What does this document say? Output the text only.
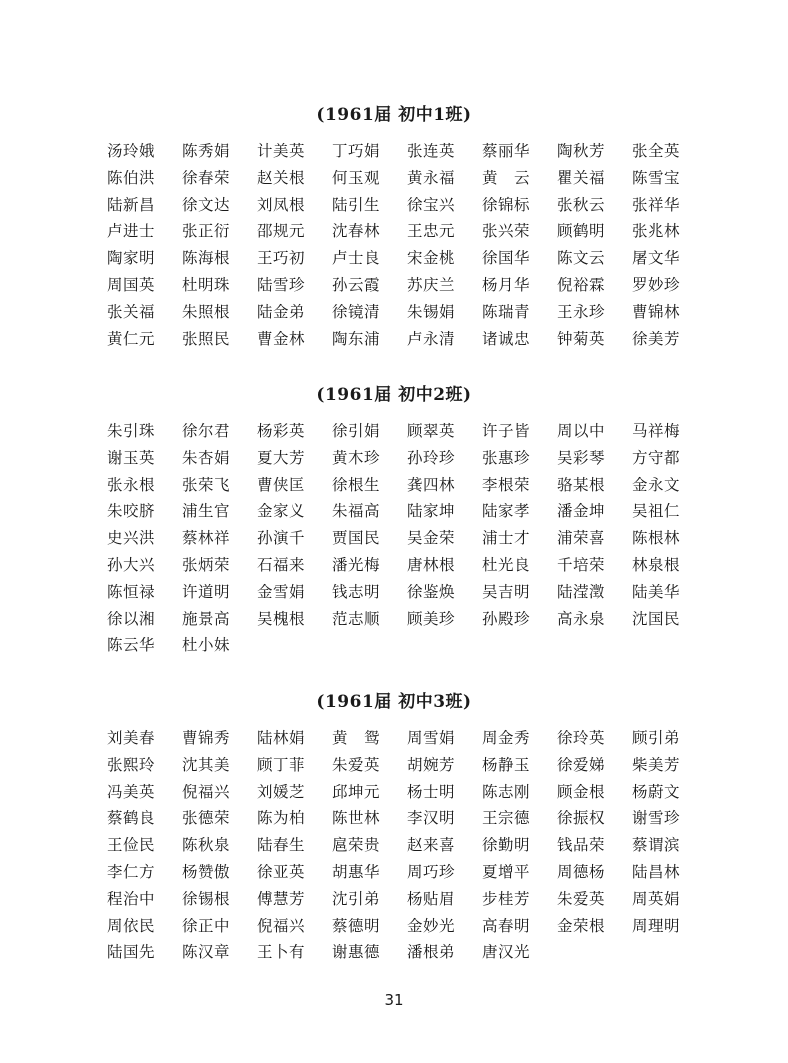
(1961届 初中1班)
汤玲娥 陈秀娟 计美英 丁巧娟 张连英 蔡丽华 陶秋芳 张全英
陈伯洪 徐春荣 赵关根 何玉观 黄永福 黄　云 瞿关福 陈雪宝
陆新昌 徐文达 刘凤根 陆引生 徐宝兴 徐锦标 张秋云 张祥华
卢进士 张正衍 邵规元 沈春林 王忠元 张兴荣 顾鹤明 张兆林
陶家明 陈海根 王巧初 卢士良 宋金桃 徐国华 陈文云 屠文华
周国英 杜明珠 陆雪珍 孙云霞 苏庆兰 杨月华 倪裕霖 罗妙珍
张关福 朱照根 陆金弟 徐镜清 朱锡娟 陈瑞青 王永珍 曹锦林
黄仁元 张照民 曹金林 陶东浦 卢永清 诸诚忠 钟菊英 徐美芳
(1961届 初中2班)
朱引珠 徐尔君 杨彩英 徐引娟 顾翠英 许子皆 周以中 马祥梅
谢玉英 朱杏娟 夏大芳 黄木珍 孙玲珍 张惠珍 吴彩琴 方守都
张永根 张荣飞 曹侠匡 徐根生 龚四林 李根荣 骆某根 金永文
朱咬脐 浦生官 金家义 朱福高 陆家坤 陆家孝 潘金坤 吴祖仁
史兴洪 蔡林祥 孙演千 贾国民 吴金荣 浦士才 浦荣喜 陈根林
孙大兴 张炳荣 石福来 潘光梅 唐林根 杜光良 千培荣 林泉根
陈恒禄 许道明 金雪娟 钱志明 徐鉴焕 吴吉明 陆滢澂 陆美华
徐以湘 施景高 吴槐根 范志顺 顾美珍 孙殿珍 高永泉 沈国民
陈云华 杜小妹
(1961届 初中3班)
刘美春 曹锦秀 陆林娟 黄　鸳 周雪娟 周金秀 徐玲英 顾引弟
张熙玲 沈其美 顾丁菲 朱爱英 胡婉芳 杨静玉 徐爱娣 柴美芳
冯美英 倪福兴 刘媛芝 邱坤元 杨士明 陈志刚 顾金根 杨蔚文
蔡鹤良 张德荣 陈为柏 陈世林 李汉明 王宗德 徐振权 谢雪珍
王俭民 陈秋泉 陆春生 扈荣贵 赵来喜 徐勤明 钱品荣 蔡谓滨
李仁方 杨赞傲 徐亚英 胡惠华 周巧珍 夏增平 周德杨 陆昌林
程治中 徐锡根 傅慧芳 沈引弟 杨贴眉 步桂芳 朱爱英 周英娟
周依民 徐正中 倪福兴 蔡德明 金妙光 高春明 金荣根 周理明
陆国先 陈汉章 王卜有 谢惠德 潘根弟 唐汉光
31
